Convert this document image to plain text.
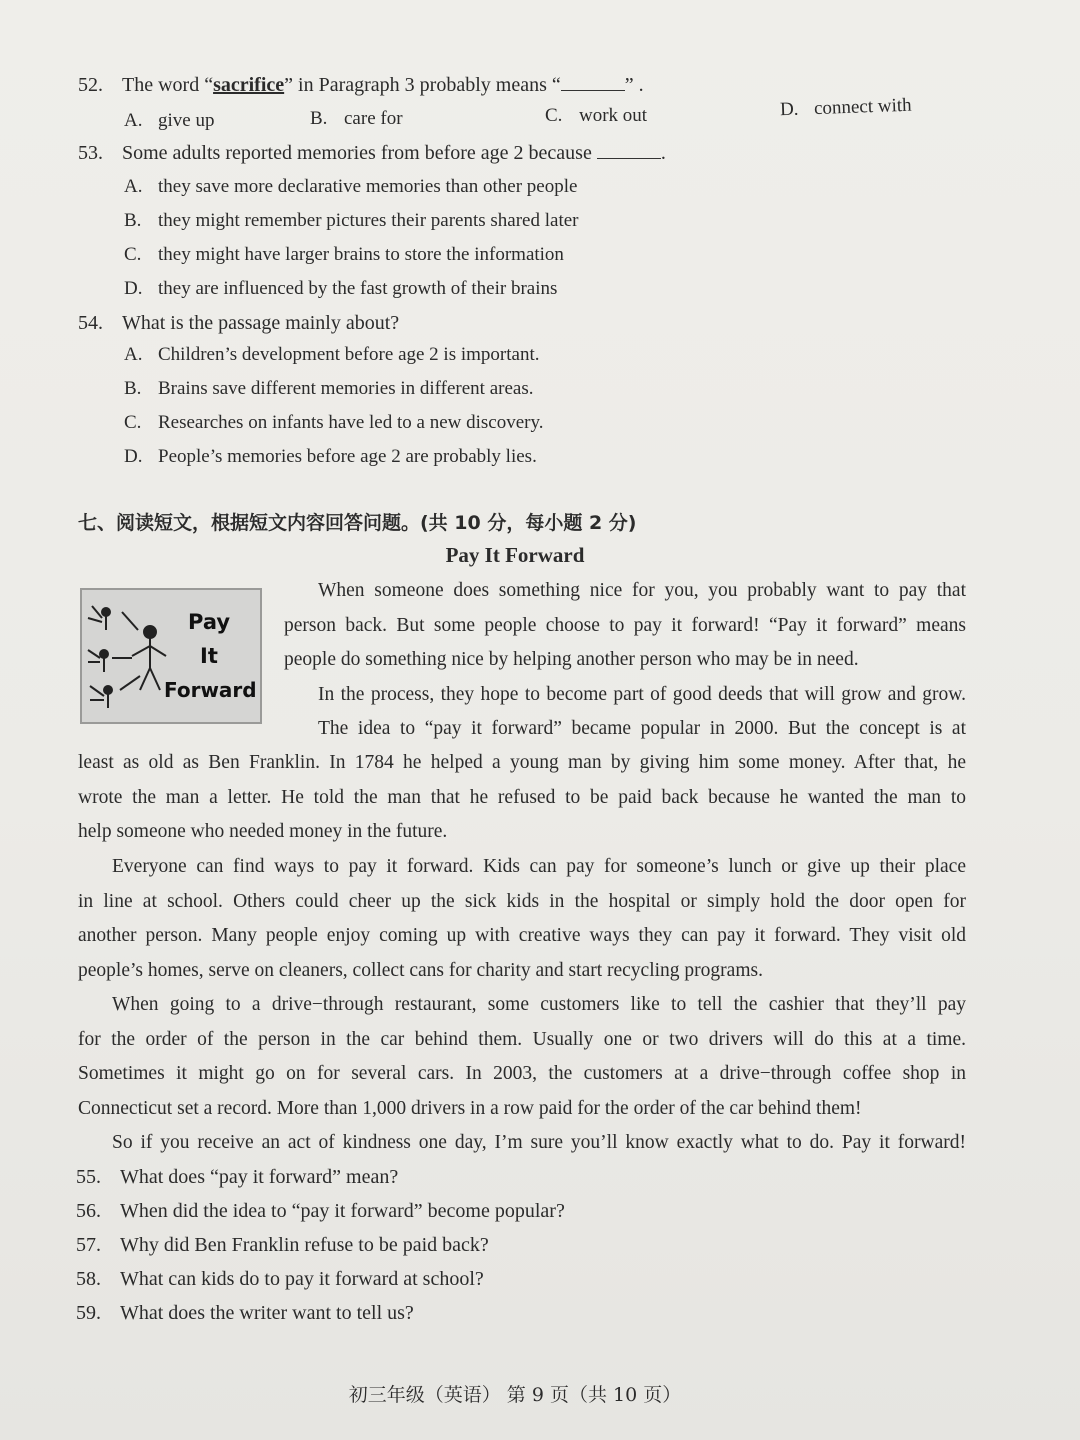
52. The word “sacrifice” in Paragraph 3 probably means “	” .
A. give up	B. care for	C. work out	D. connect with
53. Some adults reported memories from before age 2 because	.
A. they save more declarative memories than other people
B. they might remember pictures their parents shared later
C. they might have larger brains to store the information
D. they are influenced by the fast growth of their brains
54. What is the passage mainly about?
A. Children’s development before age 2 is important.
B. Brains save different memories in different areas.
C. Researches on infants have led to a new discovery.
D. People’s memories before age 2 are probably lies.
七、阅读短文，根据短文内容回答问题。(共 10 分，每小题 2 分)
Pay It Forward
Pay
It
Forward
When someone does something nice for you, you probably want to pay that
person back. But some people choose to pay it forward! “Pay it forward” means
people do something nice by helping another person who may be in need.
In the process, they hope to become part of good deeds that will grow and grow.
The idea to “pay it forward” became popular in 2000. But the concept is at
least as old as Ben Franklin. In 1784 he helped a young man by giving him some money. After that, he
wrote the man a letter. He told the man that he refused to be paid back because he wanted the man to
help someone who needed money in the future.
Everyone can find ways to pay it forward. Kids can pay for someone’s lunch or give up their place
in line at school. Others could cheer up the sick kids in the hospital or simply hold the door open for
another person. Many people enjoy coming up with creative ways they can pay it forward. They visit old
people’s homes, serve on cleaners, collect cans for charity and start recycling programs.
When going to a drive−through restaurant, some customers like to tell the cashier that they’ll pay
for the order of the person in the car behind them. Usually one or two drivers will do this at a time.
Sometimes it might go on for several cars. In 2003, the customers at a drive−through coffee shop in
Connecticut set a record. More than 1,000 drivers in a row paid for the order of the car behind them!
So if you receive an act of kindness one day, I’m sure you’ll know exactly what to do. Pay it forward!
55. What does “pay it forward” mean?
56. When did the idea to “pay it forward” become popular?
57. Why did Ben Franklin refuse to be paid back?
58. What can kids do to pay it forward at school?
59. What does the writer want to tell us?
初三年级（英语） 第 9 页（共 10 页）
